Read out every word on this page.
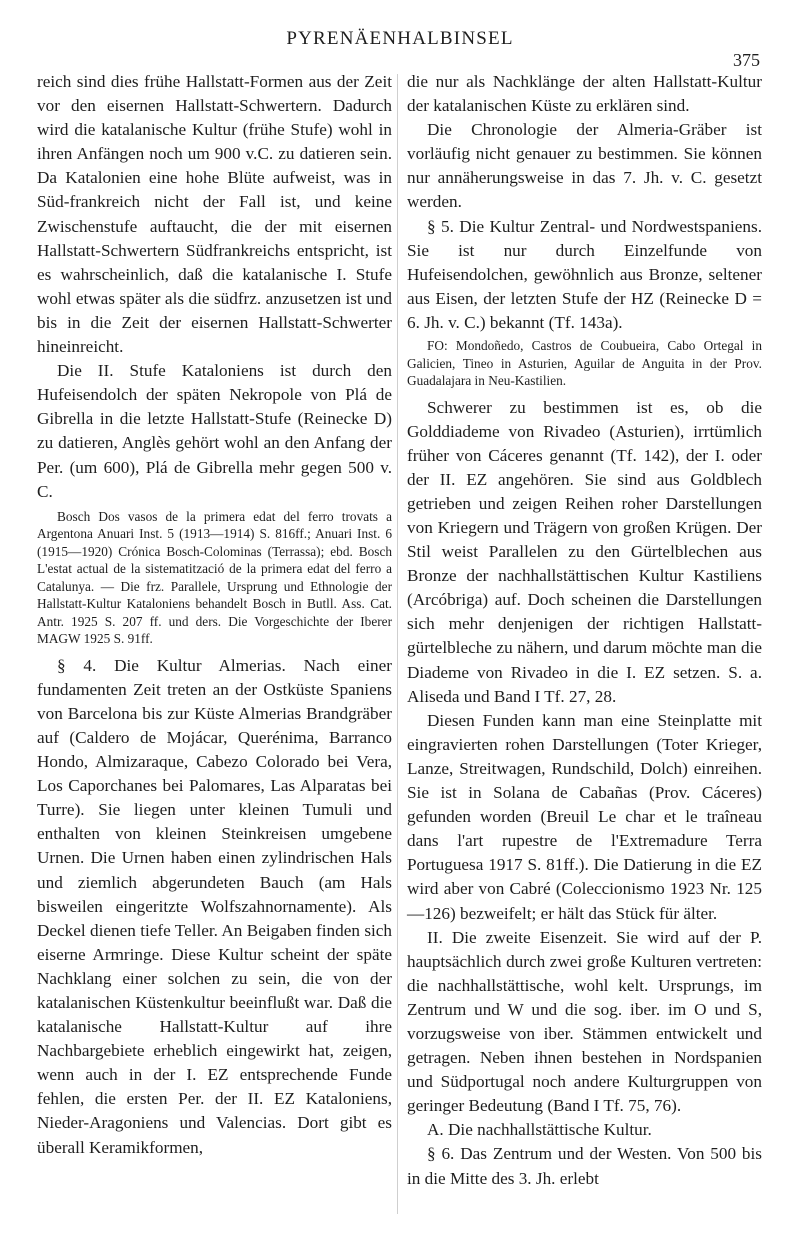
PYRENÄENHALBINSEL
375

reich sind dies frühe Hallstatt-Formen aus der Zeit vor den eisernen Hallstatt-Schwertern. Dadurch wird die katalanische Kultur (frühe Stufe) wohl in ihren Anfängen noch um 900 v.C. zu datieren sein. Da Katalonien eine hohe Blüte aufweist, was in Süd-frankreich nicht der Fall ist, und keine Zwischenstufe auftaucht, die der mit eisernen Hallstatt-Schwertern Südfrankreichs entspricht, ist es wahrscheinlich, daß die katalanische I. Stufe wohl etwas später als die südfrz. anzusetzen ist und bis in die Zeit der eisernen Hallstatt-Schwerter hineinreicht.

Die II. Stufe Kataloniens ist durch den Hufeisendolch der späten Nekropole von Plá de Gibrella in die letzte Hallstatt-Stufe (Reinecke D) zu datieren, Anglès gehört wohl an den Anfang der Per. (um 600), Plá de Gibrella mehr gegen 500 v. C.

Bosch Dos vasos de la primera edat del ferro trovats a Argentona Anuari Inst. 5 (1913—1914) S. 816ff.; Anuari Inst. 6 (1915—1920) Crónica Bosch-Colominas (Terrassa); ebd. Bosch L'estat actual de la sistematització de la primera edat del ferro a Catalunya. — Die frz. Parallele, Ursprung und Ethnologie der Hallstatt-Kultur Kataloniens behandelt Bosch in Butll. Ass. Cat. Antr. 1925 S. 207 ff. und ders. Die Vorgeschichte der Iberer MAGW 1925 S. 91ff.

§ 4. Die Kultur Almerias. Nach einer fundamenten Zeit treten an der Ostküste Spaniens von Barcelona bis zur Küste Almerias Brandgräber auf (Caldero de Mojácar, Querénima, Barranco Hondo, Almizaraque, Cabezo Colorado bei Vera, Los Caporchanes bei Palomares, Las Alparatas bei Turre). Sie liegen unter kleinen Tumuli und enthalten von kleinen Steinkreisen umgebene Urnen. Die Urnen haben einen zylindrischen Hals und ziemlich abgerundeten Bauch (am Hals bisweilen eingeritzte Wolfszahnornamente). Als Deckel dienen tiefe Teller. An Beigaben finden sich eiserne Armringe. Diese Kultur scheint der späte Nachklang einer solchen zu sein, die von der katalanischen Küstenkultur beeinflußt war. Daß die katalanische Hallstatt-Kultur auf ihre Nachbargebiete erheblich eingewirkt hat, zeigen, wenn auch in der I. EZ entsprechende Funde fehlen, die ersten Per. der II. EZ Kataloniens, Nieder-Aragoniens und Valencias. Dort gibt es überall Keramikformen,

die nur als Nachklänge der alten Hallstatt-Kultur der katalanischen Küste zu erklären sind.

Die Chronologie der Almeria-Gräber ist vorläufig nicht genauer zu bestimmen. Sie können nur annäherungsweise in das 7. Jh. v. C. gesetzt werden.

§ 5. Die Kultur Zentral- und Nordwestspaniens. Sie ist nur durch Einzelfunde von Hufeisendolchen, gewöhnlich aus Bronze, seltener aus Eisen, der letzten Stufe der HZ (Reinecke D = 6. Jh. v. C.) bekannt (Tf. 143a).

FO: Mondoñedo, Castros de Coubueira, Cabo Ortegal in Galicien, Tineo in Asturien, Aguilar de Anguita in der Prov. Guadalajara in Neu-Kastilien.

Schwerer zu bestimmen ist es, ob die Golddiademe von Rivadeo (Asturien), irrtümlich früher von Cáceres genannt (Tf. 142), der I. oder der II. EZ angehören. Sie sind aus Goldblech getrieben und zeigen Reihen roher Darstellungen von Kriegern und Trägern von großen Krügen. Der Stil weist Parallelen zu den Gürtelblechen aus Bronze der nachhallstättischen Kultur Kastiliens (Arcóbriga) auf. Doch scheinen die Darstellungen sich mehr denjenigen der richtigen Hallstatt-gürtelbleche zu nähern, und darum möchte man die Diademe von Rivadeo in die I. EZ setzen. S. a. Aliseda und Band I Tf. 27, 28.

Diesen Funden kann man eine Steinplatte mit eingravierten rohen Darstellungen (Toter Krieger, Lanze, Streitwagen, Rundschild, Dolch) einreihen. Sie ist in Solana de Cabañas (Prov. Cáceres) gefunden worden (Breuil Le char et le traîneau dans l'art rupestre de l'Extremadure Terra Portuguesa 1917 S. 81ff.). Die Datierung in die EZ wird aber von Cabré (Coleccionismo 1923 Nr. 125—126) bezweifelt; er hält das Stück für älter.

II. Die zweite Eisenzeit. Sie wird auf der P. hauptsächlich durch zwei große Kulturen vertreten: die nachhallstättische, wohl kelt. Ursprungs, im Zentrum und W und die sog. iber. im O und S, vorzugsweise von iber. Stämmen entwickelt und getragen. Neben ihnen bestehen in Nordspanien und Südportugal noch andere Kulturgruppen von geringer Bedeutung (Band I Tf. 75, 76).

A. Die nachhallstättische Kultur.

§ 6. Das Zentrum und der Westen. Von 500 bis in die Mitte des 3. Jh. erlebt
